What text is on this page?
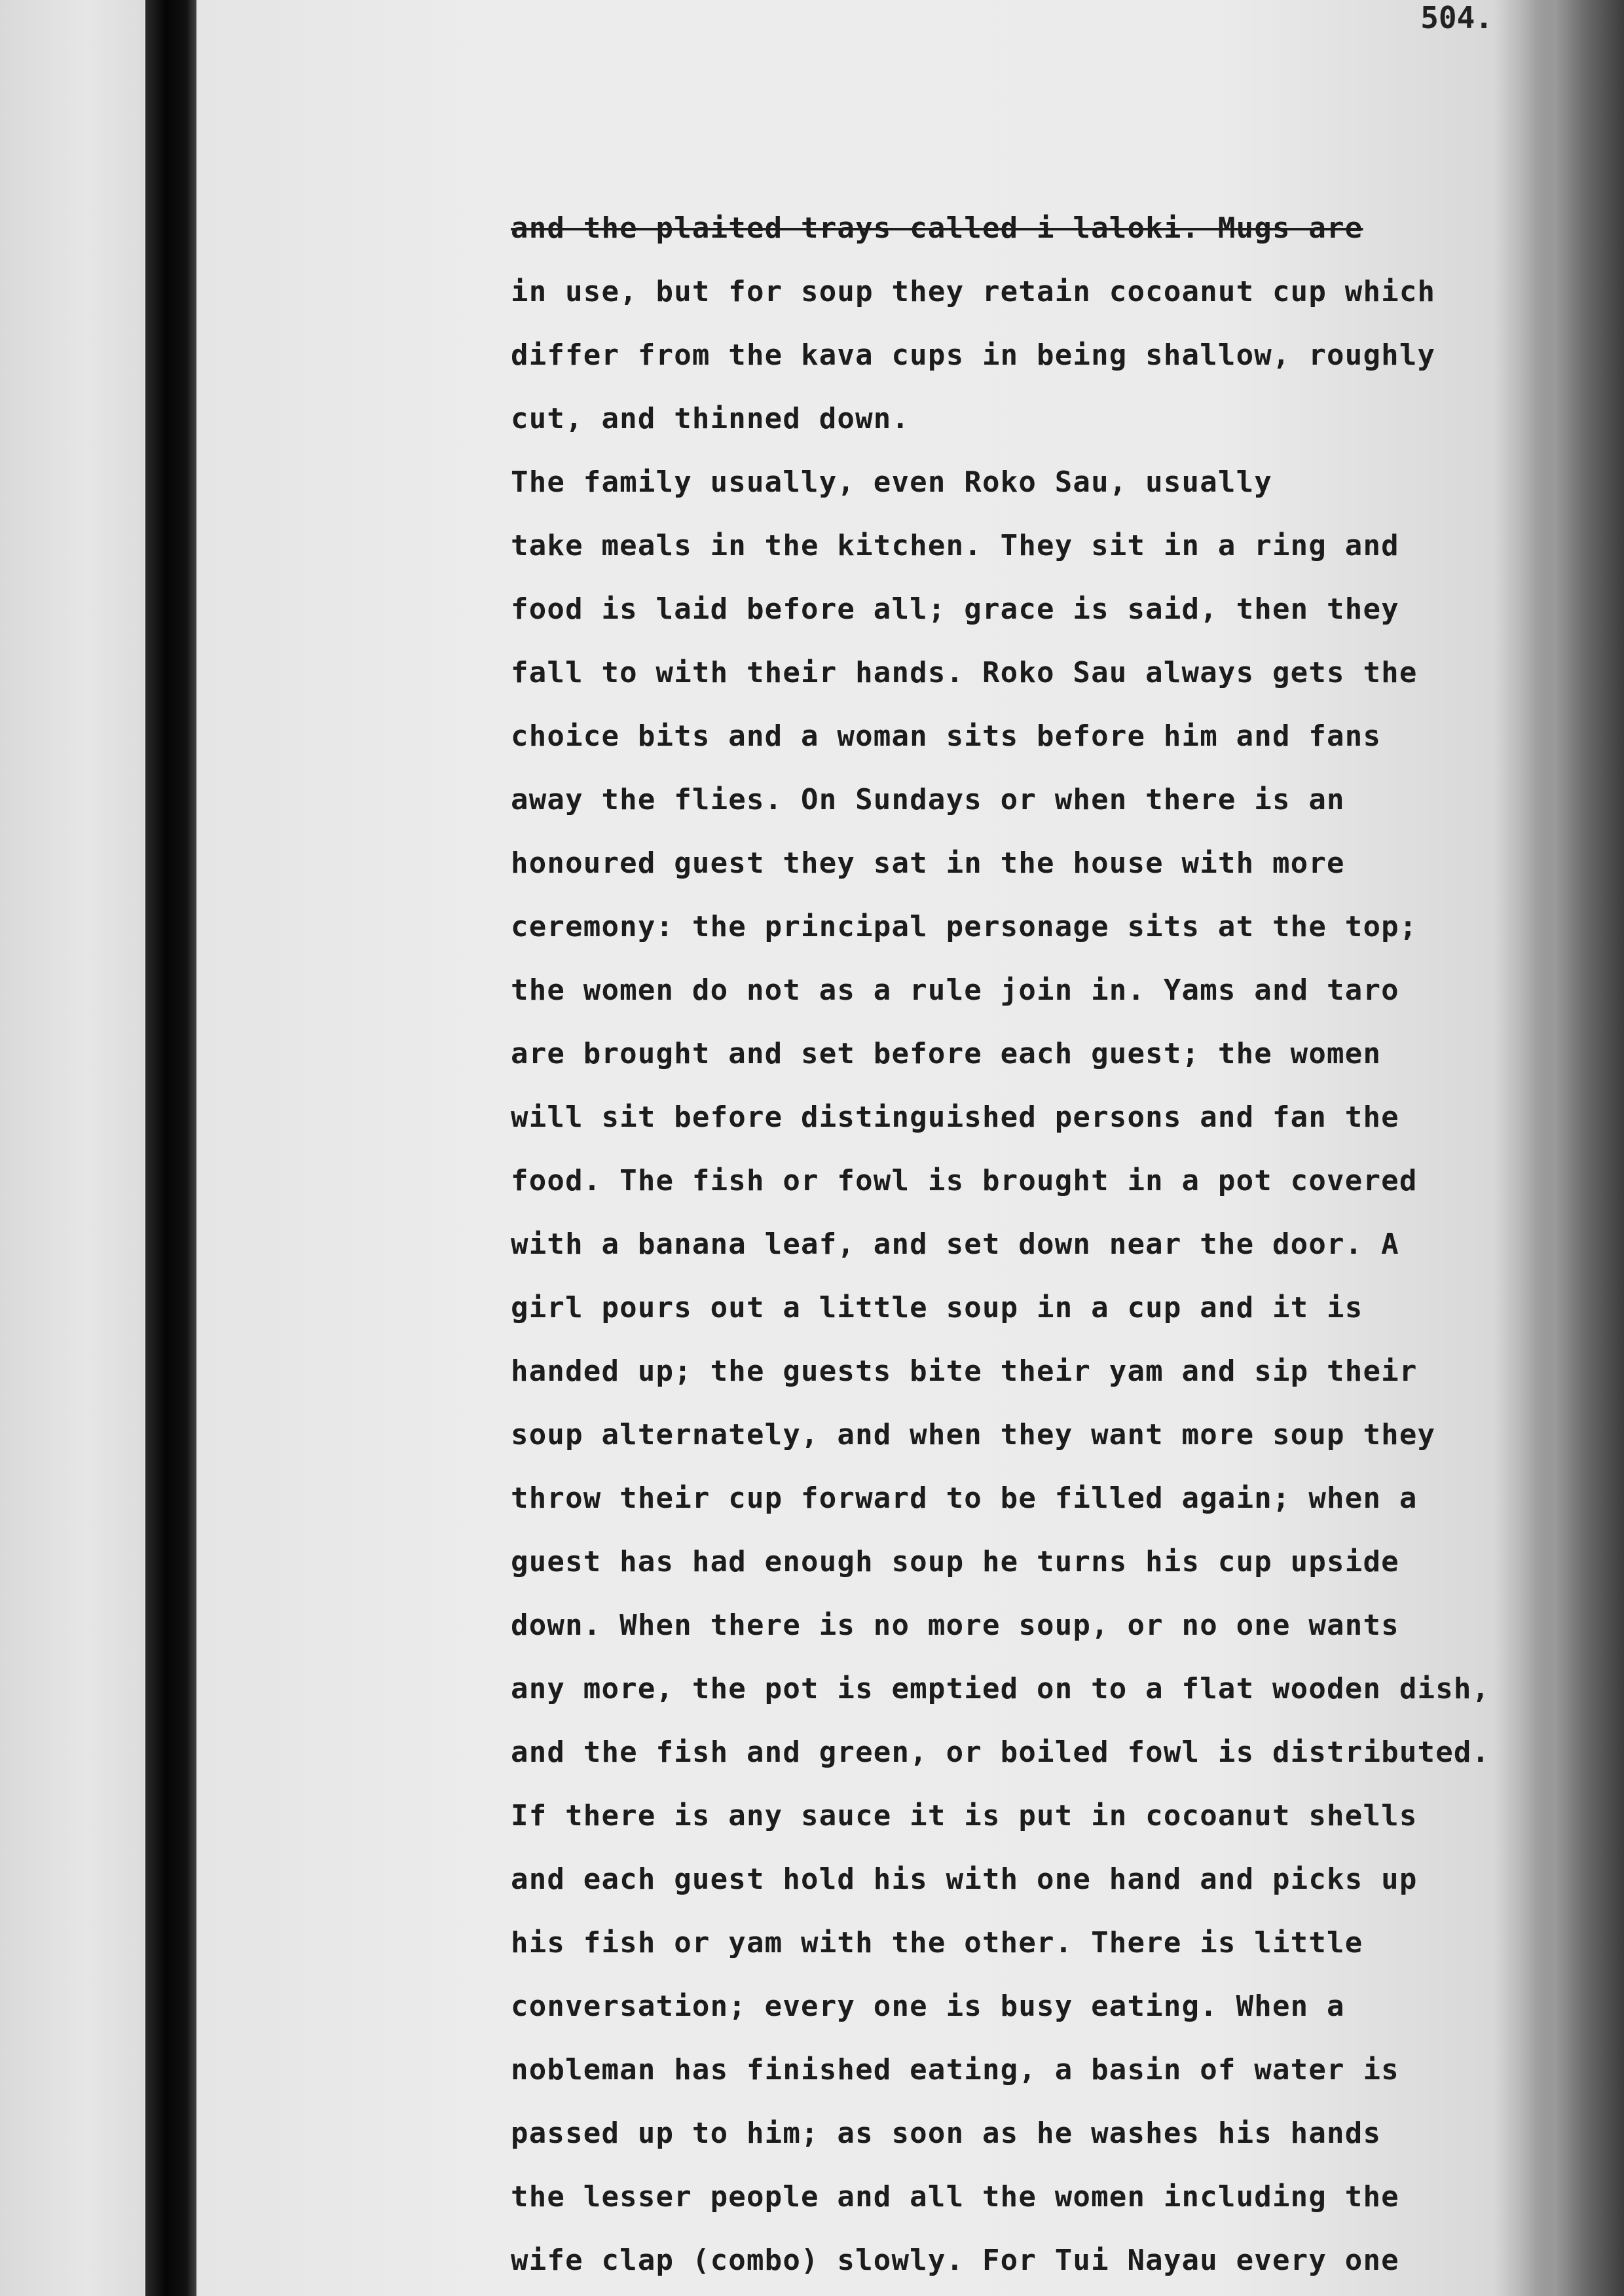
504.
and the plaited trays called i laloki. Mugs are
in use, but for soup they retain cocoanut cup which
differ from the kava cups in being shallow, roughly
cut, and thinned down.
The family usually, even Roko Sau, usually
take meals in the kitchen. They sit in a ring and
food is laid before all; grace is said, then they
fall to with their hands. Roko Sau always gets the
choice bits and a woman sits before him and fans
away the flies. On Sundays or when there is an
honoured guest they sat in the house with more
ceremony: the principal personage sits at the top;
the women do not as a rule join in. Yams and taro
are brought and set before each guest; the women
will sit before distinguished persons and fan the
food. The fish or fowl is brought in a pot covered
with a banana leaf, and set down near the door. A
girl pours out a little soup in a cup and it is
handed up; the guests bite their yam and sip their
soup alternately, and when they want more soup they
throw their cup forward to be filled again; when a
guest has had enough soup he turns his cup upside
down. When there is no more soup, or no one wants
any more, the pot is emptied on to a flat wooden dish,
and the fish and green, or boiled fowl is distributed.
If there is any sauce it is put in cocoanut shells
and each guest hold his with one hand and picks up
his fish or yam with the other. There is little
conversation; every one is busy eating. When a
nobleman has finished eating, a basin of water is
passed up to him; as soon as he washes his hands
the lesser people and all the women including the
wife clap (combo) slowly. For Tui Nayau every one
